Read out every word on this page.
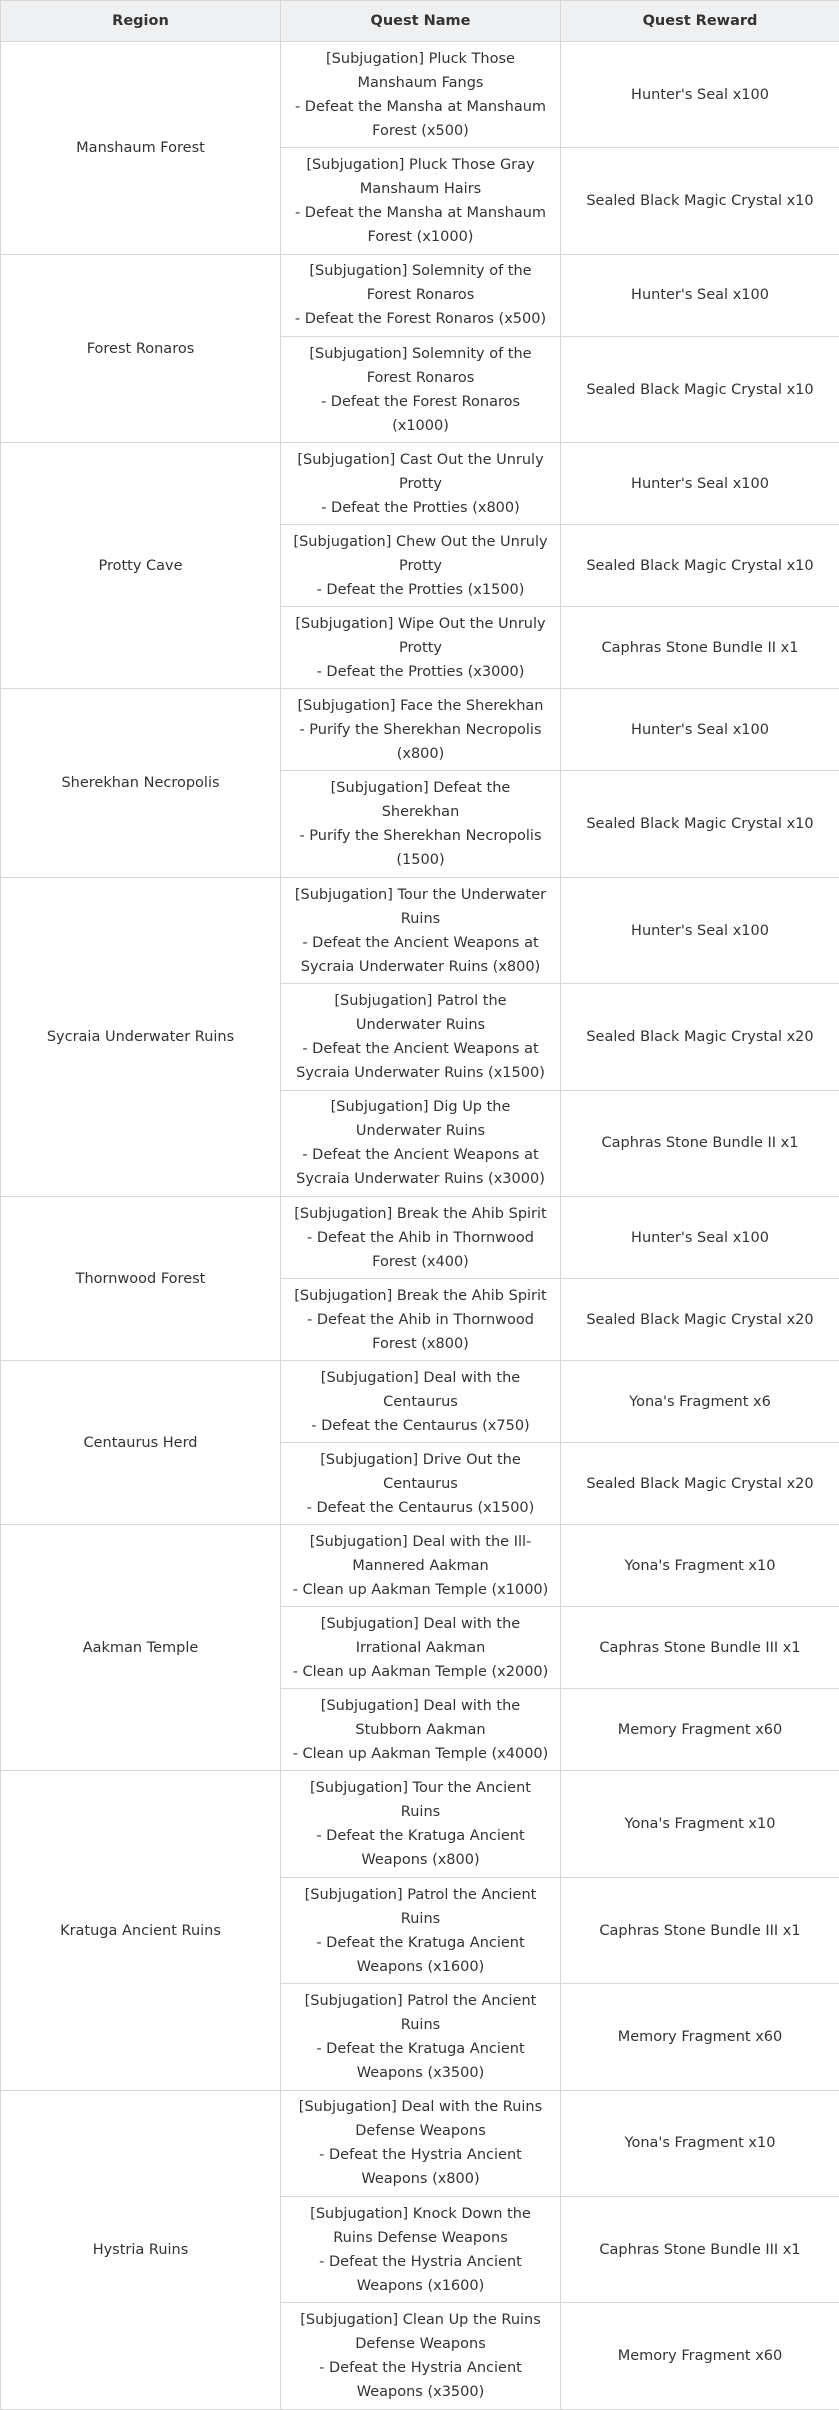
Region	Quest Name	Quest Reward
Manshaum Forest	[Subjugation] Pluck Those Manshaum Fangs
- Defeat the Mansha at Manshaum Forest (x500)	Hunter's Seal x100

	[Subjugation] Pluck Those Gray Manshaum Hairs
- Defeat the Mansha at Manshaum Forest (x1000)	Sealed Black Magic Crystal x10
Forest Ronaros	[Subjugation] Solemnity of the Forest Ronaros
- Defeat the Forest Ronaros (x500)	Hunter's Seal x100

	[Subjugation] Solemnity of the Forest Ronaros
- Defeat the Forest Ronaros (x1000)	Sealed Black Magic Crystal x10
Protty Cave	[Subjugation] Cast Out the Unruly Protty
- Defeat the Protties (x800)	Hunter's Seal x100

	[Subjugation] Chew Out the Unruly Protty
- Defeat the Protties (x1500)	Sealed Black Magic Crystal x10

	[Subjugation] Wipe Out the Unruly Protty
- Defeat the Protties (x3000)	Caphras Stone Bundle II x1
Sherekhan Necropolis	[Subjugation] Face the Sherekhan
- Purify the Sherekhan Necropolis (x800)	Hunter's Seal x100

	[Subjugation] Defeat the Sherekhan
- Purify the Sherekhan Necropolis (1500)	Sealed Black Magic Crystal x10
Sycraia Underwater Ruins	[Subjugation] Tour the Underwater Ruins
- Defeat the Ancient Weapons at Sycraia Underwater Ruins (x800)	Hunter's Seal x100

	[Subjugation] Patrol the Underwater Ruins
- Defeat the Ancient Weapons at Sycraia Underwater Ruins (x1500)	Sealed Black Magic Crystal x20

	[Subjugation] Dig Up the Underwater Ruins
- Defeat the Ancient Weapons at Sycraia Underwater Ruins (x3000)	Caphras Stone Bundle II x1
Thornwood Forest	[Subjugation] Break the Ahib Spirit
- Defeat the Ahib in Thornwood Forest (x400)	Hunter's Seal x100

	[Subjugation] Break the Ahib Spirit
- Defeat the Ahib in Thornwood Forest (x800)	Sealed Black Magic Crystal x20
Centaurus Herd	[Subjugation] Deal with the Centaurus
- Defeat the Centaurus (x750)	Yona's Fragment x6

	[Subjugation] Drive Out the Centaurus
- Defeat the Centaurus (x1500)	Sealed Black Magic Crystal x20
Aakman Temple	[Subjugation] Deal with the Ill-Mannered Aakman
- Clean up Aakman Temple (x1000)	Yona's Fragment x10

	[Subjugation] Deal with the Irrational Aakman
- Clean up Aakman Temple (x2000)	Caphras Stone Bundle III x1

	[Subjugation] Deal with the Stubborn Aakman
- Clean up Aakman Temple (x4000)	Memory Fragment x60
Kratuga Ancient Ruins	[Subjugation] Tour the Ancient Ruins
- Defeat the Kratuga Ancient Weapons (x800)	Yona's Fragment x10

	[Subjugation] Patrol the Ancient Ruins
- Defeat the Kratuga Ancient Weapons (x1600)	Caphras Stone Bundle III x1

	[Subjugation] Patrol the Ancient Ruins
- Defeat the Kratuga Ancient Weapons (x3500)	Memory Fragment x60
Hystria Ruins	[Subjugation] Deal with the Ruins Defense Weapons
- Defeat the Hystria Ancient Weapons (x800)	Yona's Fragment x10

	[Subjugation] Knock Down the Ruins Defense Weapons
- Defeat the Hystria Ancient Weapons (x1600)	Caphras Stone Bundle III x1

	[Subjugation] Clean Up the Ruins Defense Weapons
- Defeat the Hystria Ancient Weapons (x3500)	Memory Fragment x60
